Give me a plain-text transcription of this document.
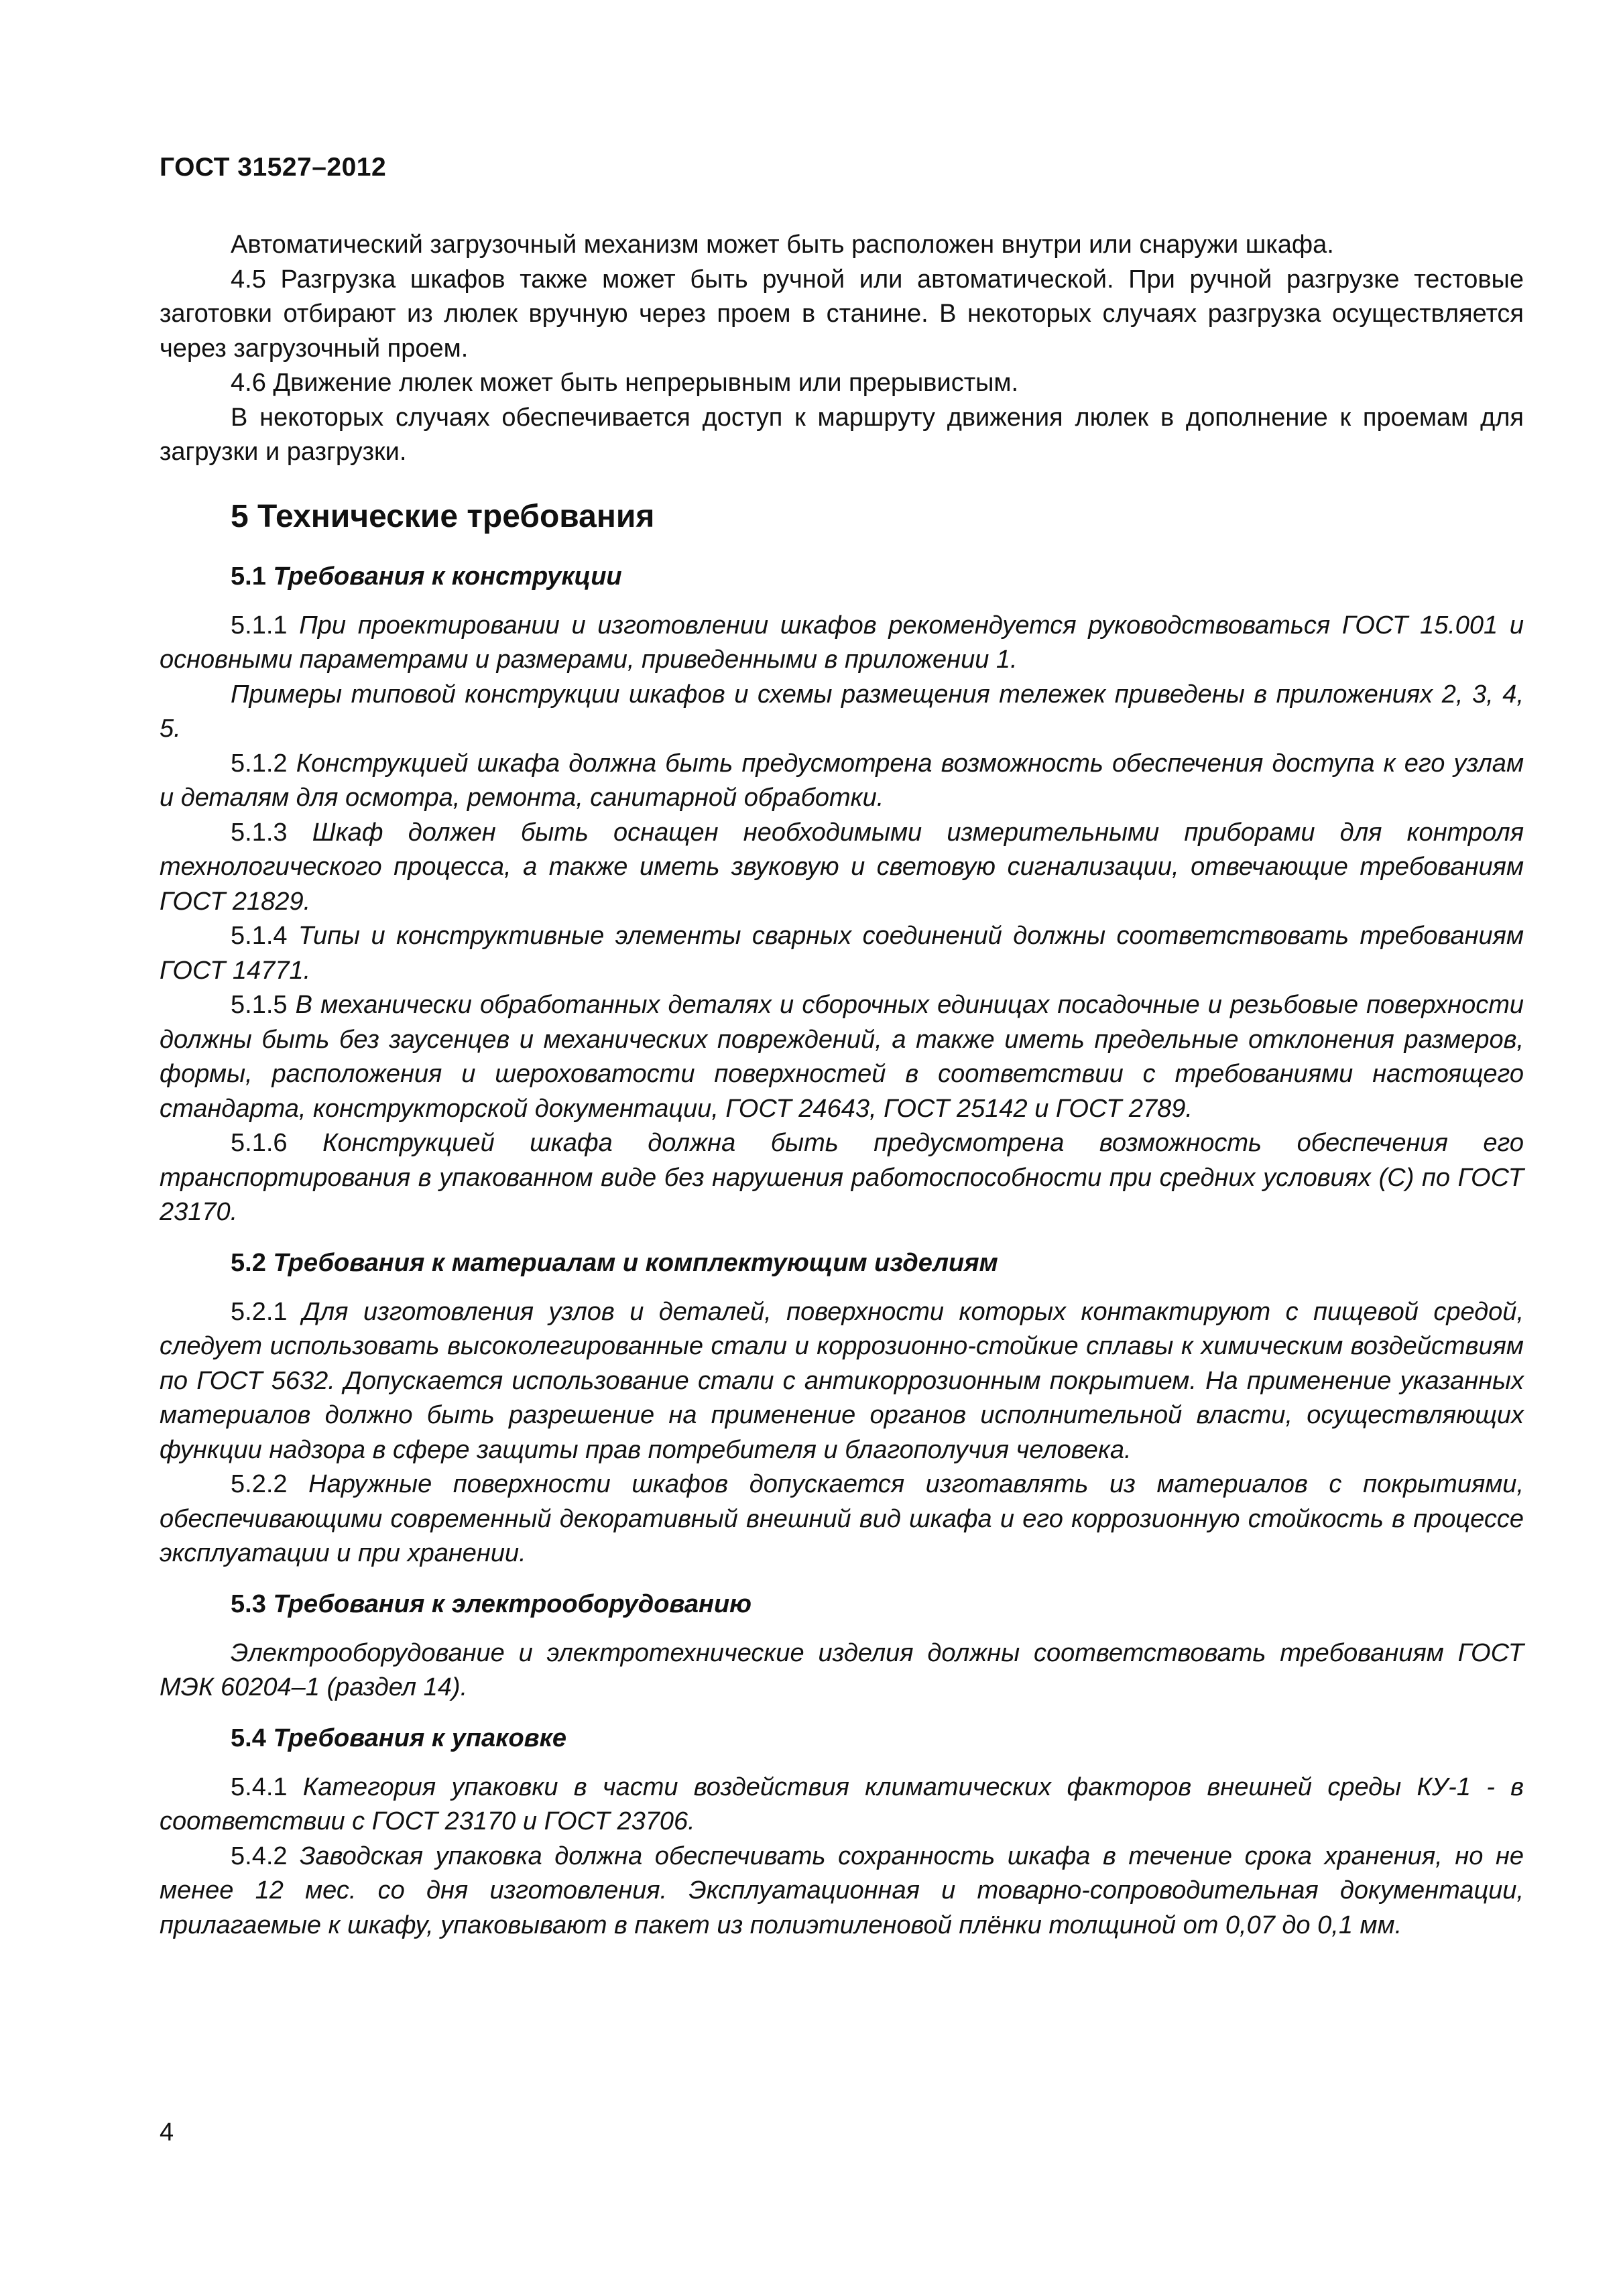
ГОСТ 31527–2012

Автоматический загрузочный механизм может быть расположен внутри или снаружи шкафа.

4.5 Разгрузка шкафов также может быть ручной или автоматической. При ручной разгрузке тестовые заготовки отбирают из люлек вручную через проем в станине. В некоторых случаях разгрузка осуществляется через загрузочный проем.

4.6 Движение люлек может быть непрерывным или прерывистым.

В некоторых случаях обеспечивается доступ к маршруту движения люлек в дополнение к проемам для загрузки и разгрузки.

5 Технические требования
5.1 Требования к конструкции

5.1.1 При проектировании и изготовлении шкафов рекомендуется руководствоваться ГОСТ 15.001 и основными параметрами и размерами, приведенными в приложении 1.

Примеры типовой конструкции шкафов и схемы размещения тележек приведены в приложениях 2, 3, 4, 5.

5.1.2 Конструкцией шкафа должна быть предусмотрена возможность обеспечения доступа к его узлам и деталям для осмотра, ремонта, санитарной обработки.

5.1.3 Шкаф должен быть оснащен необходимыми измерительными приборами для контроля технологического процесса, а также иметь звуковую и световую сигнализации, отвечающие требованиям ГОСТ 21829.

5.1.4 Типы и конструктивные элементы сварных соединений должны соответствовать требованиям ГОСТ 14771.

5.1.5 В механически обработанных деталях и сборочных единицах посадочные и резьбовые поверхности должны быть без заусенцев и механических повреждений, а также иметь предельные отклонения размеров, формы, расположения и шероховатости поверхностей в соответствии с требованиями настоящего стандарта, конструкторской документации, ГОСТ 24643, ГОСТ 25142 и ГОСТ 2789.

5.1.6 Конструкцией шкафа должна быть предусмотрена возможность обеспечения его транспортирования в упакованном виде без нарушения работоспособности при средних условиях (С) по ГОСТ 23170.

5.2 Требования к материалам и комплектующим изделиям

5.2.1 Для изготовления узлов и деталей, поверхности которых контактируют с пищевой средой, следует использовать высоколегированные стали и коррозионно-стойкие сплавы к химическим воздействиям по ГОСТ 5632. Допускается использование стали с антикоррозионным покрытием. На применение указанных материалов должно быть разрешение на применение органов исполнительной власти, осуществляющих функции надзора в сфере защиты прав потребителя и благополучия человека.

5.2.2 Наружные поверхности шкафов допускается изготавлять из материалов с покрытиями, обеспечивающими современный декоративный внешний вид шкафа и его коррозионную стойкость в процессе эксплуатации и при хранении.

5.3 Требования к электрооборудованию

Электрооборудование и электротехнические изделия должны соответствовать требованиям ГОСТ МЭК 60204–1 (раздел 14).

5.4 Требования к упаковке

5.4.1 Категория упаковки в части воздействия климатических факторов внешней среды КУ-1 - в соответствии с ГОСТ 23170 и ГОСТ 23706.

5.4.2 Заводская упаковка должна обеспечивать сохранность шкафа в течение срока хранения, но не менее 12 мес. со дня изготовления. Эксплуатационная и товарно-сопроводительная документации, прилагаемые к шкафу, упаковывают в пакет из полиэтиленовой плёнки толщиной от 0,07 до 0,1 мм.

4
